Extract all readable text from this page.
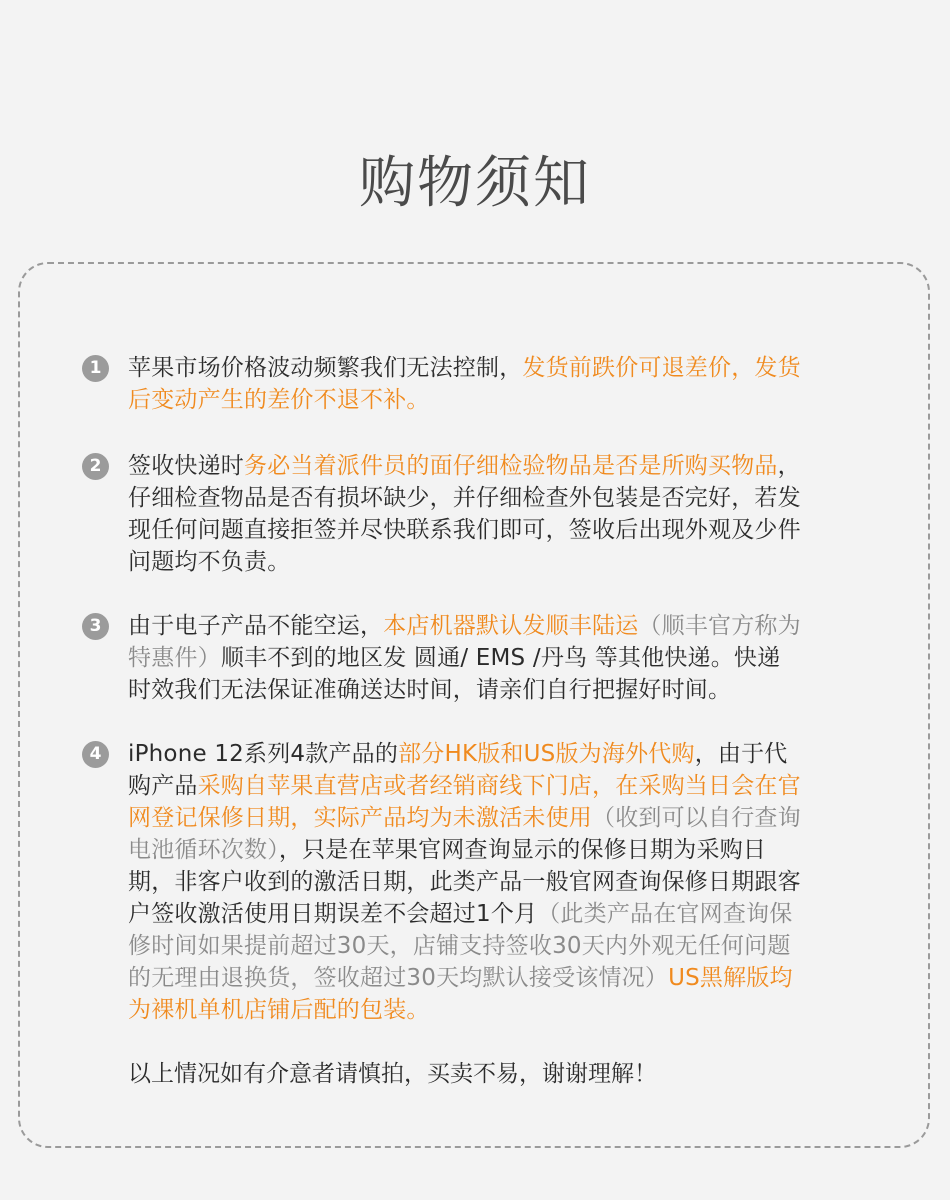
购物须知
1	苹果市场价格波动频繁我们无法控制，发货前跌价可退差价，发货后变动产生的差价不退不补。
2	签收快递时务必当着派件员的面仔细检验物品是否是所购买物品，仔细检查物品是否有损坏缺少，并仔细检查外包装是否完好，若发现任何问题直接拒签并尽快联系我们即可，签收后出现外观及少件问题均不负责。
3	由于电子产品不能空运，本店机器默认发顺丰陆运（顺丰官方称为特惠件）顺丰不到的地区发 圆通/ EMS /丹鸟 等其他快递。快递时效我们无法保证准确送达时间，请亲们自行把握好时间。
4	iPhone 12系列4款产品的部分HK版和US版为海外代购，由于代购产品采购自苹果直营店或者经销商线下门店，在采购当日会在官网登记保修日期，实际产品均为未激活未使用（收到可以自行查询电池循环次数），只是在苹果官网查询显示的保修日期为采购日期，非客户收到的激活日期，此类产品一般官网查询保修日期跟客户签收激活使用日期误差不会超过1个月（此类产品在官网查询保修时间如果提前超过30天，店铺支持签收30天内外观无任何问题的无理由退换货，签收超过30天均默认接受该情况）US黑解版均为裸机单机店铺后配的包装。
以上情况如有介意者请慎拍，买卖不易，谢谢理解！
